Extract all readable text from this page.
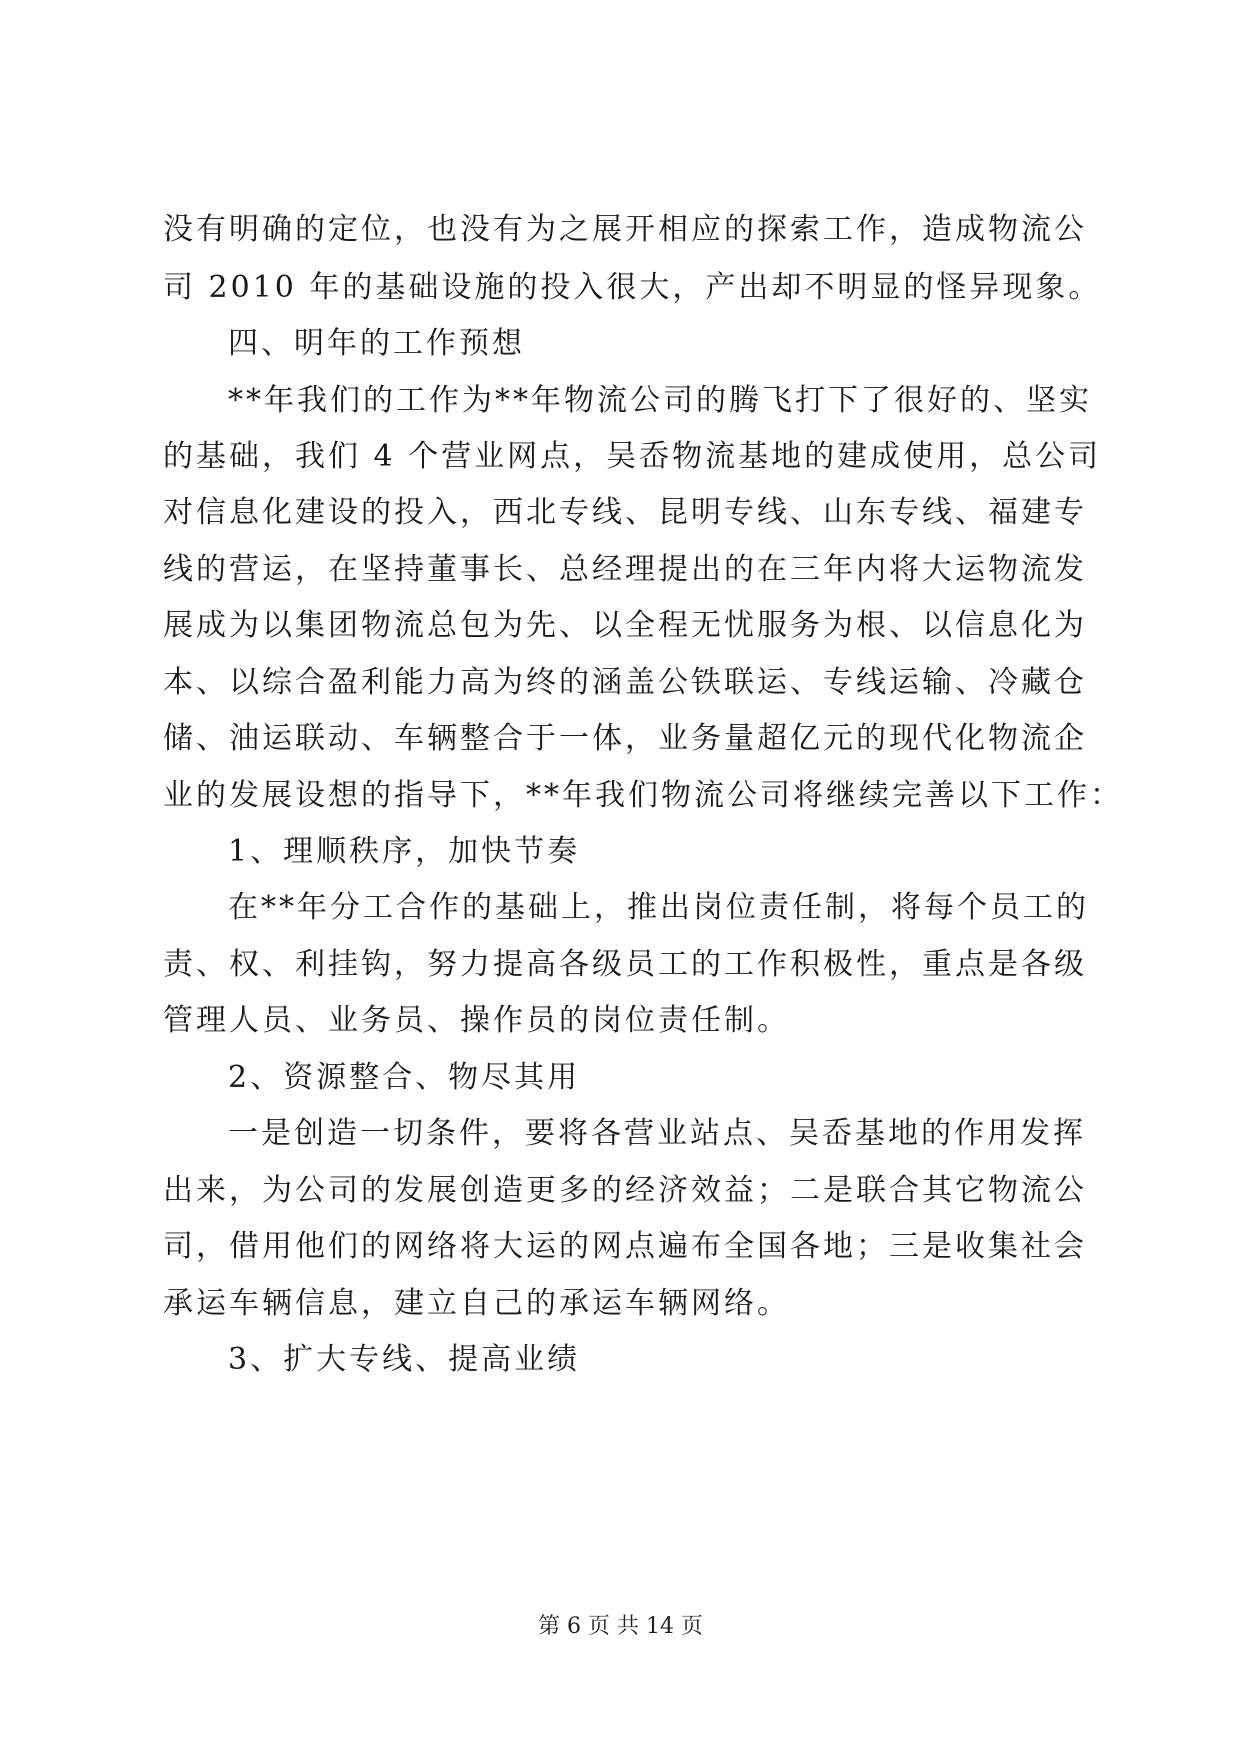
没有明确的定位，也没有为之展开相应的探索工作，造成物流公
司 2010 年的基础设施的投入很大，产出却不明显的怪异现象。
四、明年的工作预想
**年我们的工作为**年物流公司的腾飞打下了很好的、坚实
的基础，我们 4 个营业网点，吴岙物流基地的建成使用，总公司
对信息化建设的投入，西北专线、昆明专线、山东专线、福建专
线的营运，在坚持董事长、总经理提出的在三年内将大运物流发
展成为以集团物流总包为先、以全程无忧服务为根、以信息化为
本、以综合盈利能力高为终的涵盖公铁联运、专线运输、冷藏仓
储、油运联动、车辆整合于一体，业务量超亿元的现代化物流企
业的发展设想的指导下，**年我们物流公司将继续完善以下工作：
1、理顺秩序，加快节奏
在**年分工合作的基础上，推出岗位责任制，将每个员工的
责、权、利挂钩，努力提高各级员工的工作积极性，重点是各级
管理人员、业务员、操作员的岗位责任制。
2、资源整合、物尽其用
一是创造一切条件，要将各营业站点、吴岙基地的作用发挥
出来，为公司的发展创造更多的经济效益；二是联合其它物流公
司，借用他们的网络将大运的网点遍布全国各地；三是收集社会
承运车辆信息，建立自己的承运车辆网络。
3、扩大专线、提高业绩
第 6 页 共 14 页
